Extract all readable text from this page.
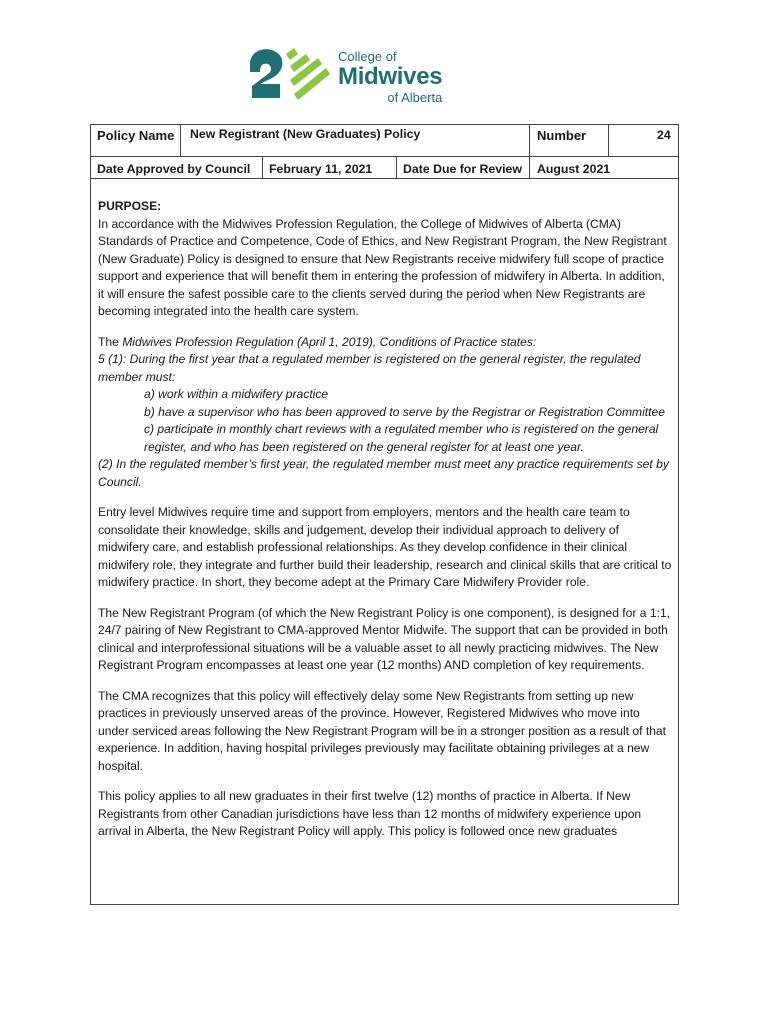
College of
Midwives
of Alberta
Policy Name New Registrant (New Graduates) Policy	Number	24
Date Approved by Council February 11, 2021	Date Due for Review August 2021

PURPOSE:
In accordance with the Midwives Profession Regulation, the College of Midwives of Alberta (CMA) Standards of Practice and Competence, Code of Ethics, and New Registrant Program, the New Registrant (New Graduate) Policy is designed to ensure that New Registrants receive midwifery full scope of practice support and experience that will benefit them in entering the profession of midwifery in Alberta. In addition, it will ensure the safest possible care to the clients served during the period when New Registrants are becoming integrated into the health care system.

The Midwives Profession Regulation (April 1, 2019), Conditions of Practice states:
5 (1): During the first year that a regulated member is registered on the general register, the regulated member must:
a) work within a midwifery practice
b) have a supervisor who has been approved to serve by the Registrar or Registration Committee
c) participate in monthly chart reviews with a regulated member who is registered on the general register, and who has been registered on the general register for at least one year.
(2) In the regulated member’s first year, the regulated member must meet any practice requirements set by Council.

Entry level Midwives require time and support from employers, mentors and the health care team to consolidate their knowledge, skills and judgement, develop their individual approach to delivery of midwifery care, and establish professional relationships. As they develop confidence in their clinical midwifery role, they integrate and further build their leadership, research and clinical skills that are critical to midwifery practice. In short, they become adept at the Primary Care Midwifery Provider role.

The New Registrant Program (of which the New Registrant Policy is one component), is designed for a 1:1, 24/7 pairing of New Registrant to CMA-approved Mentor Midwife. The support that can be provided in both clinical and interprofessional situations will be a valuable asset to all newly practicing midwives. The New Registrant Program encompasses at least one year (12 months) AND completion of key requirements.

The CMA recognizes that this policy will effectively delay some New Registrants from setting up new practices in previously unserved areas of the province. However, Registered Midwives who move into under serviced areas following the New Registrant Program will be in a stronger position as a result of that experience. In addition, having hospital privileges previously may facilitate obtaining privileges at a new hospital.

This policy applies to all new graduates in their first twelve (12) months of practice in Alberta. If New Registrants from other Canadian jurisdictions have less than 12 months of midwifery experience upon arrival in Alberta, the New Registrant Policy will apply. This policy is followed once new graduates
